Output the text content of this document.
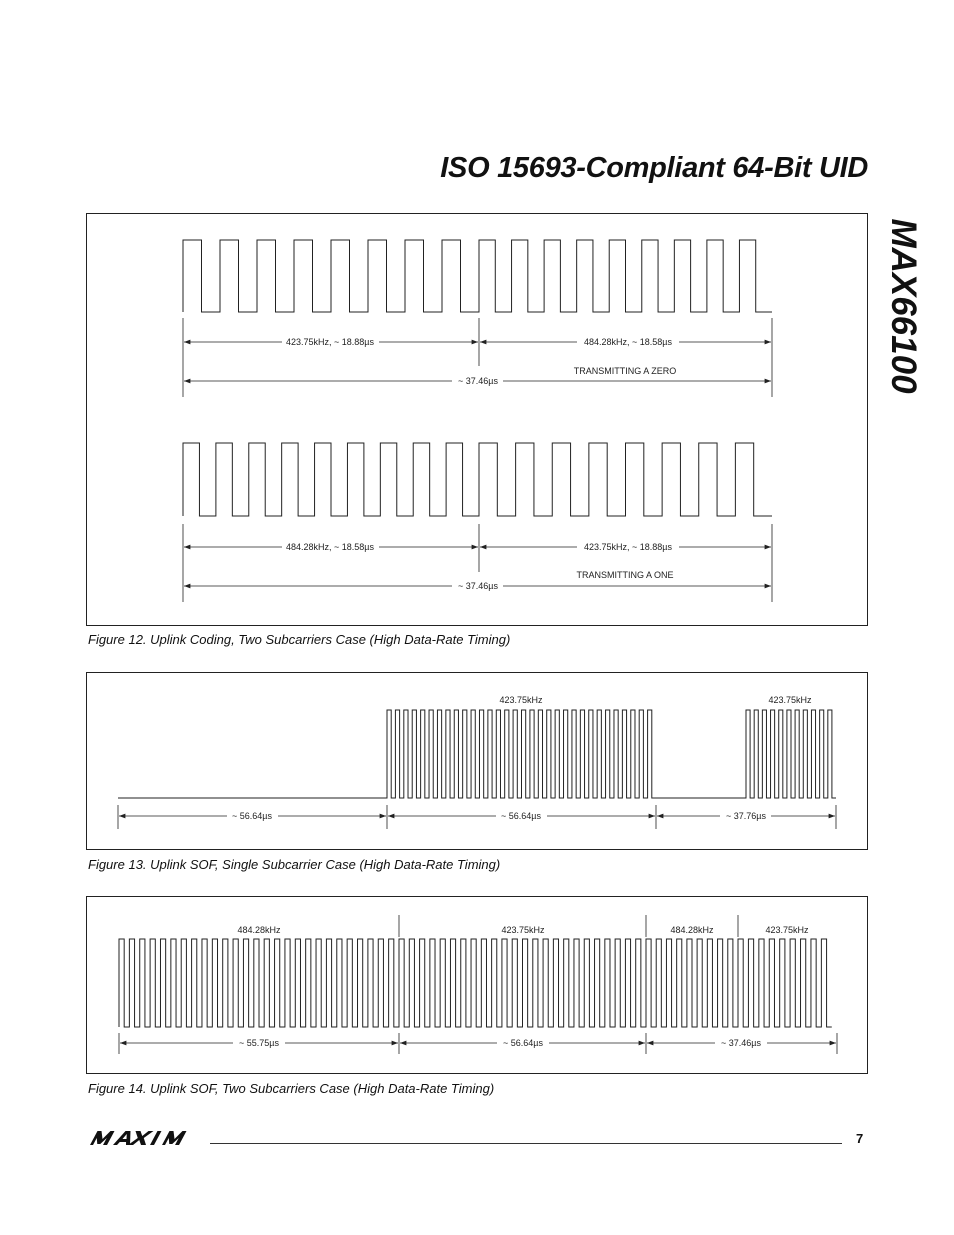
ISO 15693-Compliant 64-Bit UID
MAX66100
423.75kHz, ~ 18.88µs	484.28kHz, ~ 18.58µs
TRANSMITTING A ZERO
~ 37.46µs
484.28kHz, ~ 18.58µs	423.75kHz, ~ 18.88µs
TRANSMITTING A ONE
~ 37.46µs
Figure 12. Uplink Coding, Two Subcarriers Case (High Data-Rate Timing)
423.75kHz	423.75kHz
~ 56.64µs	~ 56.64µs	~ 37.76µs
Figure 13. Uplink SOF, Single Subcarrier Case (High Data-Rate Timing)
484.28kHz	423.75kHz	484.28kHz	423.75kHz
~ 55.75µs	~ 56.64µs	~ 37.46µs
Figure 14. Uplink SOF, Two Subcarriers Case (High Data-Rate Timing)
7
